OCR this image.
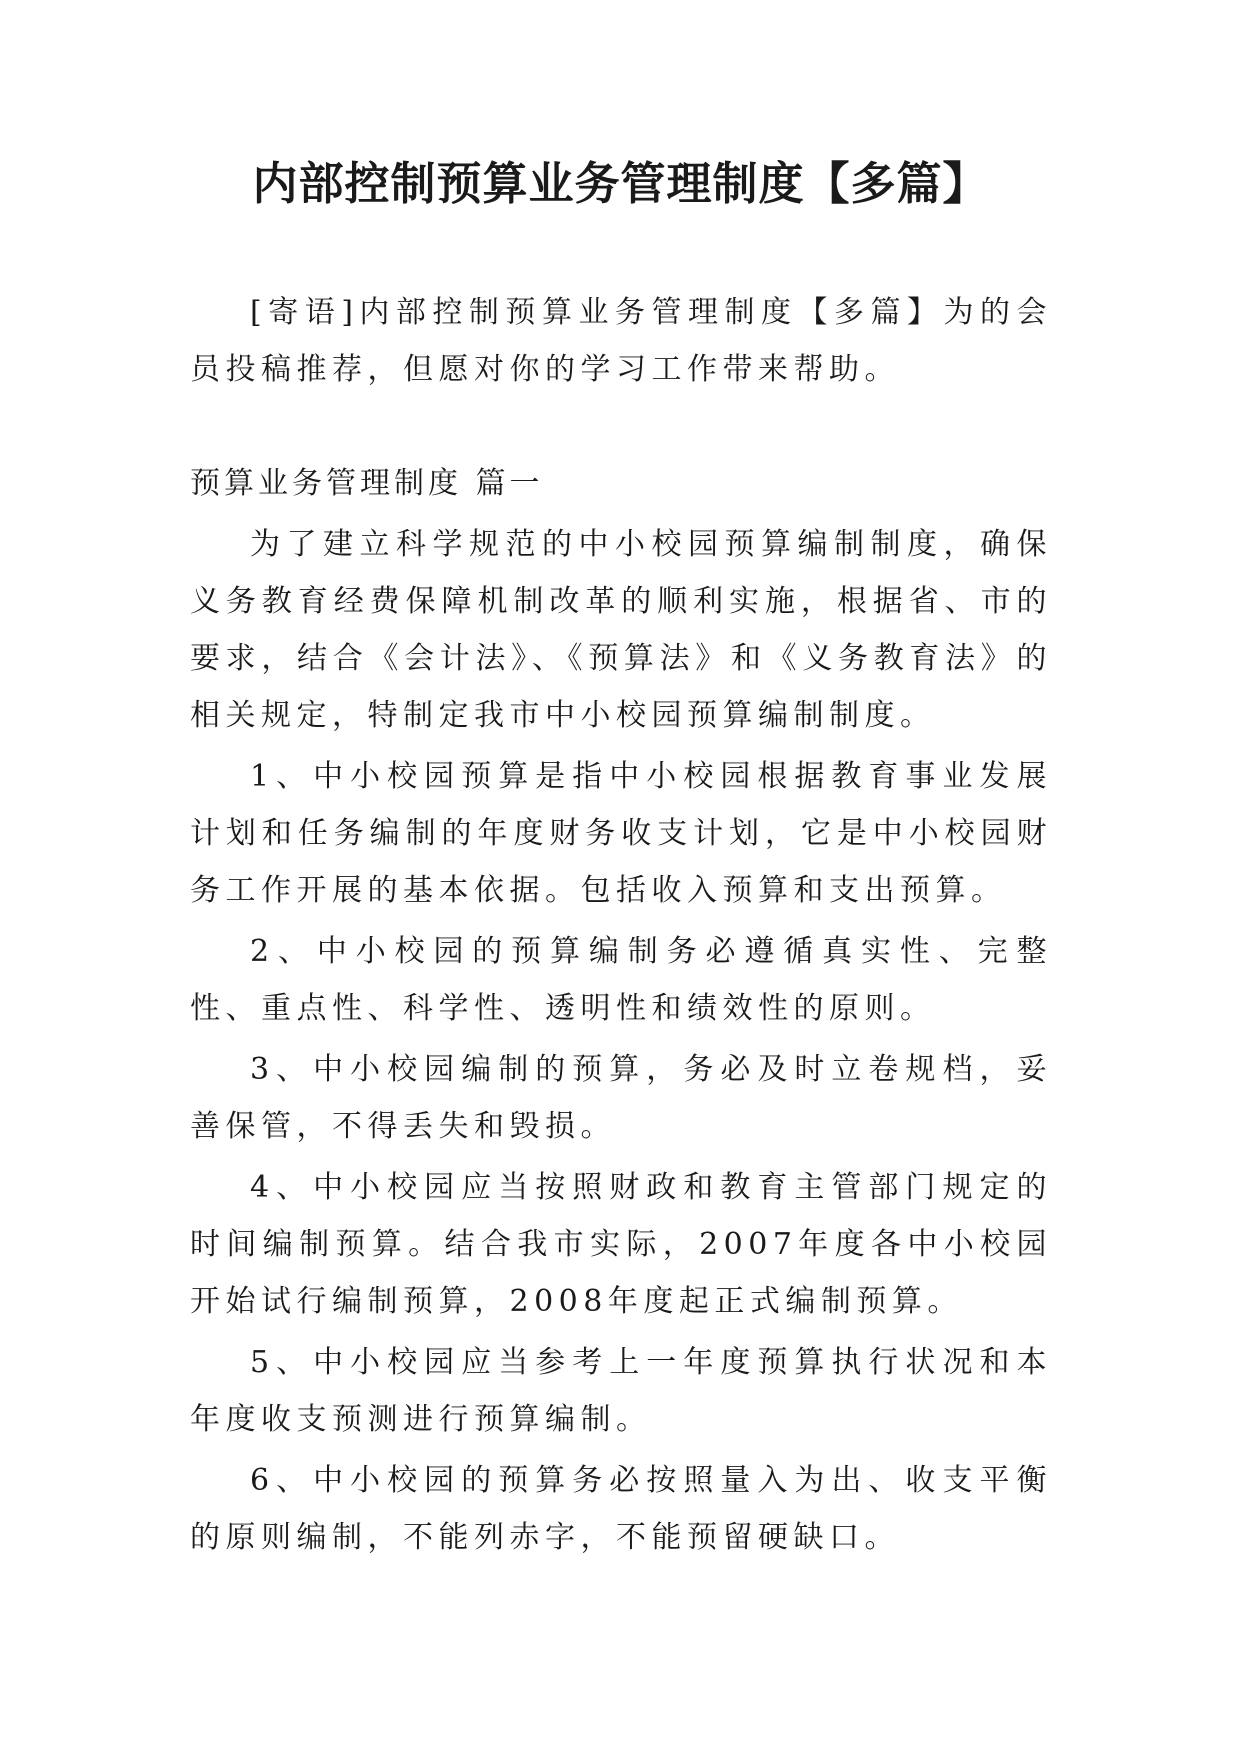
内部控制预算业务管理制度【多篇】

[寄语]内部控制预算业务管理制度【多篇】为的会员投稿推荐，但愿对你的学习工作带来帮助。

预算业务管理制度 篇一

为了建立科学规范的中小校园预算编制制度，确保义务教育经费保障机制改革的顺利实施，根据省、市的要求，结合《会计法》、《预算法》和《义务教育法》的相关规定，特制定我市中小校园预算编制制度。

1、中小校园预算是指中小校园根据教育事业发展计划和任务编制的年度财务收支计划，它是中小校园财务工作开展的基本依据。包括收入预算和支出预算。

2、中小校园的预算编制务必遵循真实性、完整性、重点性、科学性、透明性和绩效性的原则。

3、中小校园编制的预算，务必及时立卷规档，妥善保管，不得丢失和毁损。

4、中小校园应当按照财政和教育主管部门规定的时间编制预算。结合我市实际，2007年度各中小校园开始试行编制预算，2008年度起正式编制预算。

5、中小校园应当参考上一年度预算执行状况和本年度收支预测进行预算编制。

6、中小校园的预算务必按照量入为出、收支平衡的原则编制，不能列赤字，不能预留硬缺口。
